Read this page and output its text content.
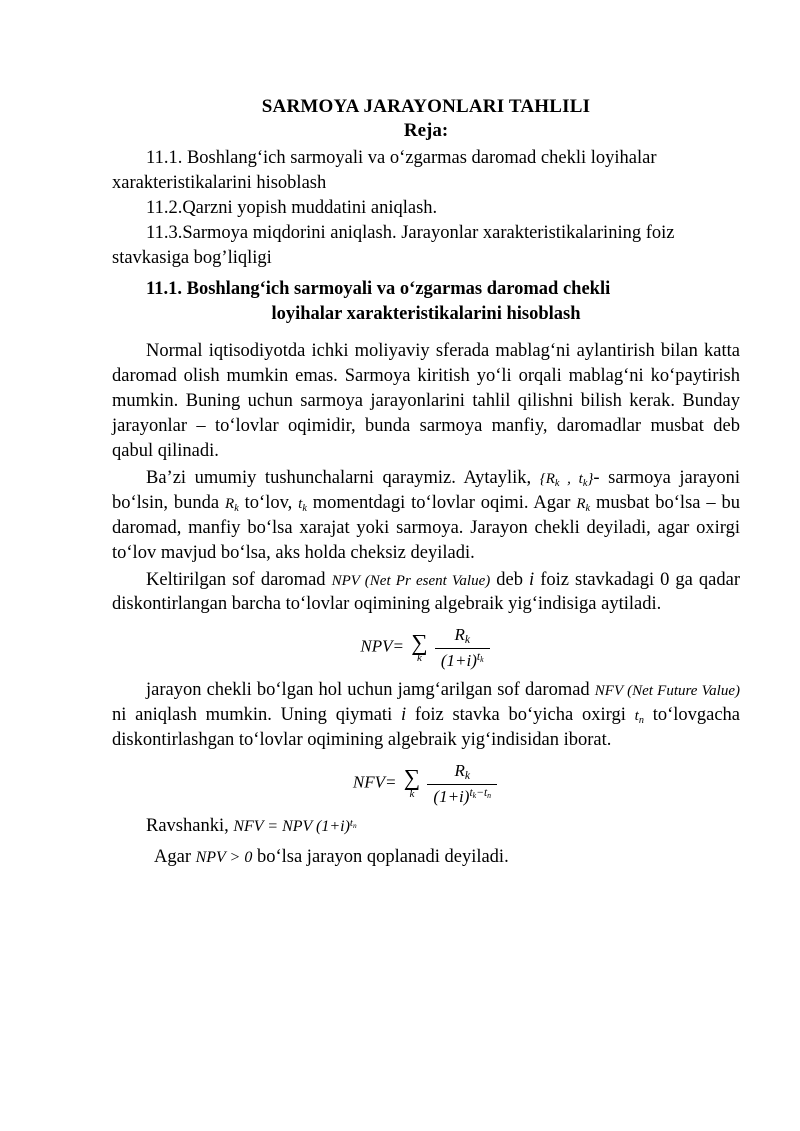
SARMOYA JARAYONLARI TAHLILI
Reja:

11.1. Boshlang‘ich sarmoyali va o‘zgarmas daromad chekli loyihalar xarakteristikalarini hisoblash

11.2.Qarzni yopish muddatini aniqlash.

11.3.Sarmoya miqdorini aniqlash. Jarayonlar xarakteristikalarining foiz stavkasiga bog’liqligi

11.1. Boshlang‘ich sarmoyali va o‘zgarmas daromad chekli
loyihalar xarakteristikalarini hisoblash

Normal iqtisodiyotda ichki moliyaviy sferada mablag‘ni aylantirish bilan katta daromad olish mumkin emas. Sarmoya kiritish yo‘li orqali mablag‘ni ko‘paytirish mumkin. Buning uchun sarmoya jarayonlarini tahlil qilishni bilish kerak. Bunday jarayonlar – to‘lovlar oqimidir, bunda sarmoya manfiy, daromadlar musbat deb qabul qilinadi.

Ba’zi umumiy tushunchalarni qaraymiz. Aytaylik, {$R_k$ , $t_k\}-$ sarmoya jarayoni bo‘lsin, bunda $R_k$ to‘lov, $t_k$ momentdagi to‘lovlar oqimi. Agar $R_k$ musbat bo‘lsa – bu daromad, manfiy bo‘lsa xarajat yoki sarmoya. Jarayon chekli deyiladi, agar oxirgi to‘lov mavjud bo‘lsa, aks holda cheksiz deyiladi.

Keltirilgan sof daromad NPV (Net Pr esent Value) deb i foiz stavkadagi 0 ga qadar diskontirlangan barcha to‘lovlar oqimining algebraik yig‘indisiga aytiladi.

NPV= ∑
k
$\frac{R_k}{(1+i)^{t_k}}$

jarayon chekli bo‘lgan hol uchun jamg‘arilgan sof daromad NFV (Net Future Value) ni aniqlash mumkin. Uning qiymati i foiz stavka bo‘yicha oxirgi $t_n$ to‘lovgacha diskontirlashgan to‘lovlar oqimining algebraik yig‘indisidan iborat.

NFV= ∑
k
$\frac{R_k}{(1+i)^{t_k-t_n}}$

Ravshanki, NFV = NPV $(1+i)^{t_n}$

Agar NPV > 0 bo‘lsa jarayon qoplanadi deyiladi.
